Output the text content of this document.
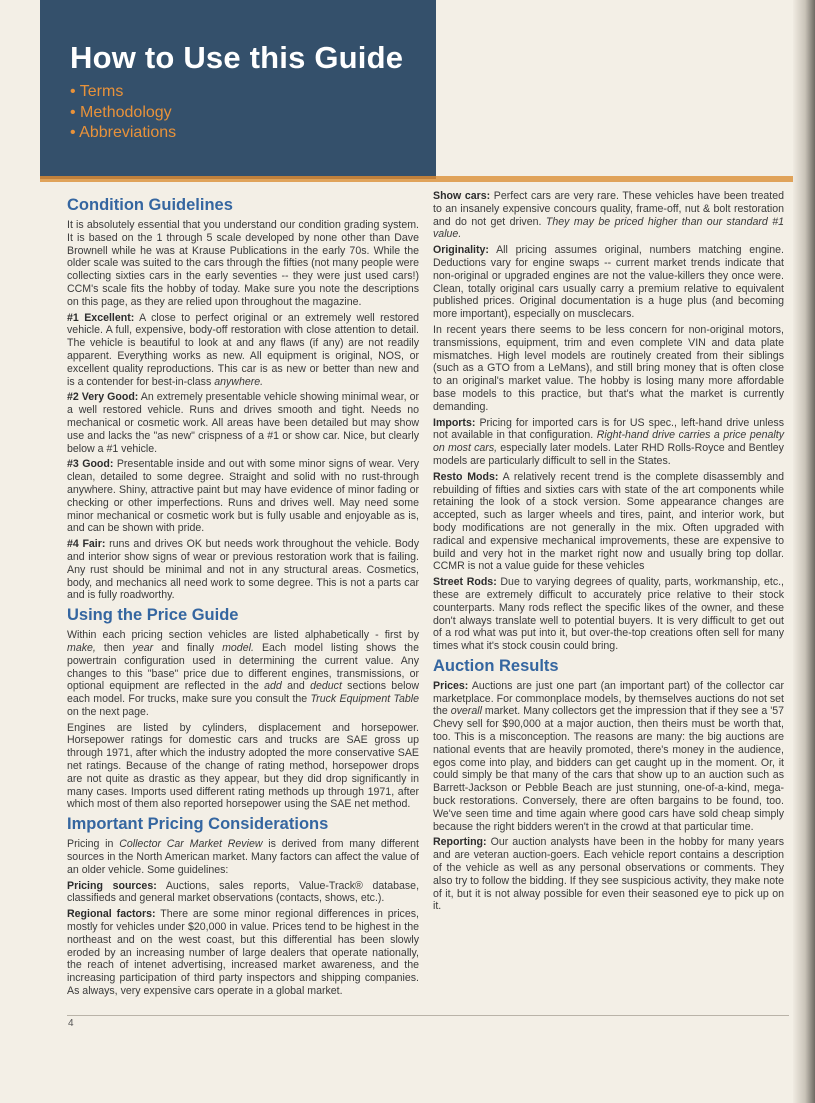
How to Use this Guide
• Terms
• Methodology
• Abbreviations
Condition Guidelines

It is absolutely essential that you understand our condition grading system. It is based on the 1 through 5 scale developed by none other than Dave Brownell while he was at Krause Publications in the early 70s. While the older scale was suited to the cars through the fifties (not many people were collecting sixties cars in the early seventies -- they were just used cars!) CCM's scale fits the hobby of today. Make sure you note the descriptions on this page, as they are relied upon throughout the magazine.

#1 Excellent: A close to perfect original or an extremely well restored vehicle. A full, expensive, body-off restoration with close attention to detail. The vehicle is beautiful to look at and any flaws (if any) are not readily apparent. Everything works as new. All equipment is original, NOS, or excellent quality reproductions. This car is as new or better than new and is a contender for best-in-class anywhere.

#2 Very Good: An extremely presentable vehicle showing minimal wear, or a well restored vehicle. Runs and drives smooth and tight. Needs no mechanical or cosmetic work. All areas have been detailed but may show use and lacks the "as new" crispness of a #1 or show car. Nice, but clearly below a #1 vehicle.

#3 Good: Presentable inside and out with some minor signs of wear. Very clean, detailed to some degree. Straight and solid with no rust-through anywhere. Shiny, attractive paint but may have evidence of minor fading or checking or other imperfections. Runs and drives well. May need some minor mechanical or cosmetic work but is fully usable and enjoyable as is, and can be shown with pride.

#4 Fair: runs and drives OK but needs work throughout the vehicle. Body and interior show signs of wear or previous restoration work that is failing. Any rust should be minimal and not in any structural areas. Cosmetics, body, and mechanics all need work to some degree. This is not a parts car and is fully roadworthy.

Using the Price Guide

Within each pricing section vehicles are listed alphabetically - first by make, then year and finally model. Each model listing shows the powertrain configuration used in determining the current value. Any changes to this "base" price due to different engines, transmissions, or optional equipment are reflected in the add and deduct sections below each model. For trucks, make sure you consult the Truck Equipment Table on the next page.

Engines are listed by cylinders, displacement and horsepower. Horsepower ratings for domestic cars and trucks are SAE gross up through 1971, after which the industry adopted the more conservative SAE net ratings. Because of the change of rating method, horsepower drops are not quite as drastic as they appear, but they did drop significantly in many cases. Imports used different rating methods up through 1971, after which most of them also reported horsepower using the SAE net method.

Important Pricing Considerations

Pricing in Collector Car Market Review is derived from many different sources in the North American market. Many factors can affect the value of an older vehicle. Some guidelines:

Pricing sources: Auctions, sales reports, Value-Track® database, classifieds and general market observations (contacts, shows, etc.).

Regional factors: There are some minor regional differences in prices, mostly for vehicles under $20,000 in value. Prices tend to be highest in the northeast and on the west coast, but this differential has been slowly eroded by an increasing number of large dealers that operate nationally, the reach of intenet advertising, increased market awareness, and the increasing participation of third party inspectors and shipping companies. As always, very expensive cars operate in a global market.

Show cars: Perfect cars are very rare. These vehicles have been treated to an insanely expensive concours quality, frame-off, nut & bolt restoration and do not get driven. They may be priced higher than our standard #1 value.

Originality: All pricing assumes original, numbers matching engine. Deductions vary for engine swaps -- current market trends indicate that non-original or upgraded engines are not the value-killers they once were. Clean, totally original cars usually carry a premium relative to equivalent published prices. Original documentation is a huge plus (and becoming more important), especially on musclecars.

In recent years there seems to be less concern for non-original motors, transmissions, equipment, trim and even complete VIN and data plate mismatches. High level models are routinely created from their siblings (such as a GTO from a LeMans), and still bring money that is often close to an original's market value. The hobby is losing many more affordable base models to this practice, but that's what the market is currently demanding.

Imports: Pricing for imported cars is for US spec., left-hand drive unless not available in that configuration. Right-hand drive carries a price penalty on most cars, especially later models. Later RHD Rolls-Royce and Bentley models are particularly difficult to sell in the States.

Resto Mods: A relatively recent trend is the complete disassembly and rebuilding of fifties and sixties cars with state of the art components while retaining the look of a stock version. Some appearance changes are accepted, such as larger wheels and tires, paint, and interior work, but body modifications are not generally in the mix. Often upgraded with radical and expensive mechanical improvements, these are expensive to build and very hot in the market right now and usually bring top dollar. CCMR is not a value guide for these vehicles

Street Rods: Due to varying degrees of quality, parts, workmanship, etc., these are extremely difficult to accurately price relative to their stock counterparts. Many rods reflect the specific likes of the owner, and these don't always translate well to potential buyers. It is very difficult to get out of a rod what was put into it, but over-the-top creations often sell for many times what it's stock cousin could bring.

Auction Results

Prices: Auctions are just one part (an important part) of the collector car marketplace. For commonplace models, by themselves auctions do not set the overall market. Many collectors get the impression that if they see a '57 Chevy sell for $90,000 at a major auction, then theirs must be worth that, too. This is a misconception. The reasons are many: the big auctions are national events that are heavily promoted, there's money in the audience, egos come into play, and bidders can get caught up in the moment. Or, it could simply be that many of the cars that show up to an auction such as Barrett-Jackson or Pebble Beach are just stunning, one-of-a-kind, mega-buck restorations. Conversely, there are often bargains to be found, too. We've seen time and time again where good cars have sold cheap simply because the right bidders weren't in the crowd at that particular time.

Reporting: Our auction analysts have been in the hobby for many years and are veteran auction-goers. Each vehicle report contains a description of the vehicle as well as any personal observations or comments. They also try to follow the bidding. If they see suspicious activity, they make note of it, but it is not alway possible for even their seasoned eye to pick up on it.

4
